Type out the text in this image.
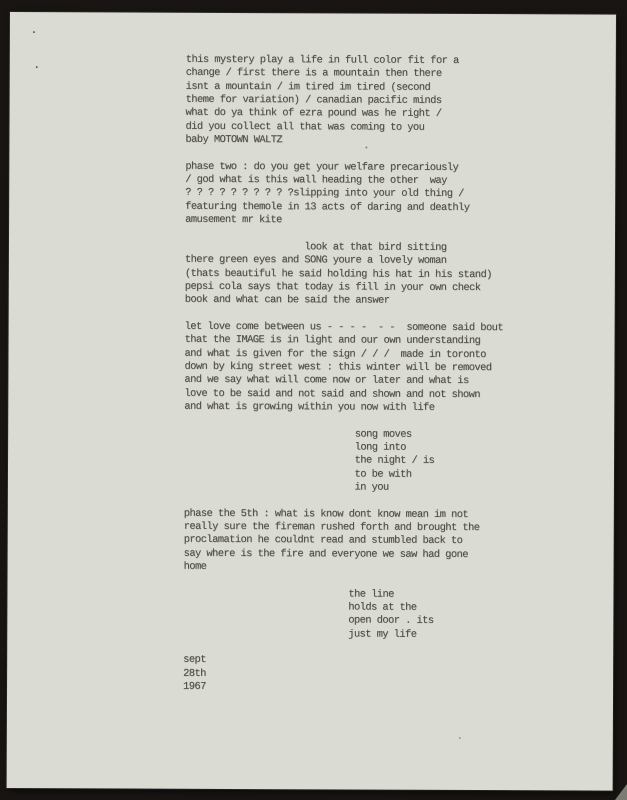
this mystery play a life in full color fit for a
change / first there is a mountain then there
isnt a mountain / im tired im tired (second
theme for variation) / canadian pacific minds
what do ya think of ezra pound was he right /
did you collect all that was coming to you
baby MOTOWN WALTZ

phase two : do you get your welfare precariously
/ god what is this wall heading the other  way
? ? ? ? ? ? ? ? ? ?slipping into your old thing /
featuring themole in 13 acts of daring and deathly
amusement mr kite

look at that bird sitting
there green eyes and SONG youre a lovely woman
(thats beautiful he said holding his hat in his stand)
pepsi cola says that today is fill in your own check
book and what can be said the answer

let love come between us - - - -  - -  someone said bout
that the IMAGE is in light and our own understanding
and what is given for the sign / / /  made in toronto
down by king street west : this winter will be removed
and we say what will come now or later and what is
love to be said and not said and shown and not shown
and what is growing within you now with life

song moves
long into
the night / is
to be with
in you

phase the 5th : what is know dont know mean im not
really sure the fireman rushed forth and brought the
proclamation he couldnt read and stumbled back to
say where is the fire and everyone we saw had gone
home

the line
holds at the
open door . its
just my life

sept
28th
1967
